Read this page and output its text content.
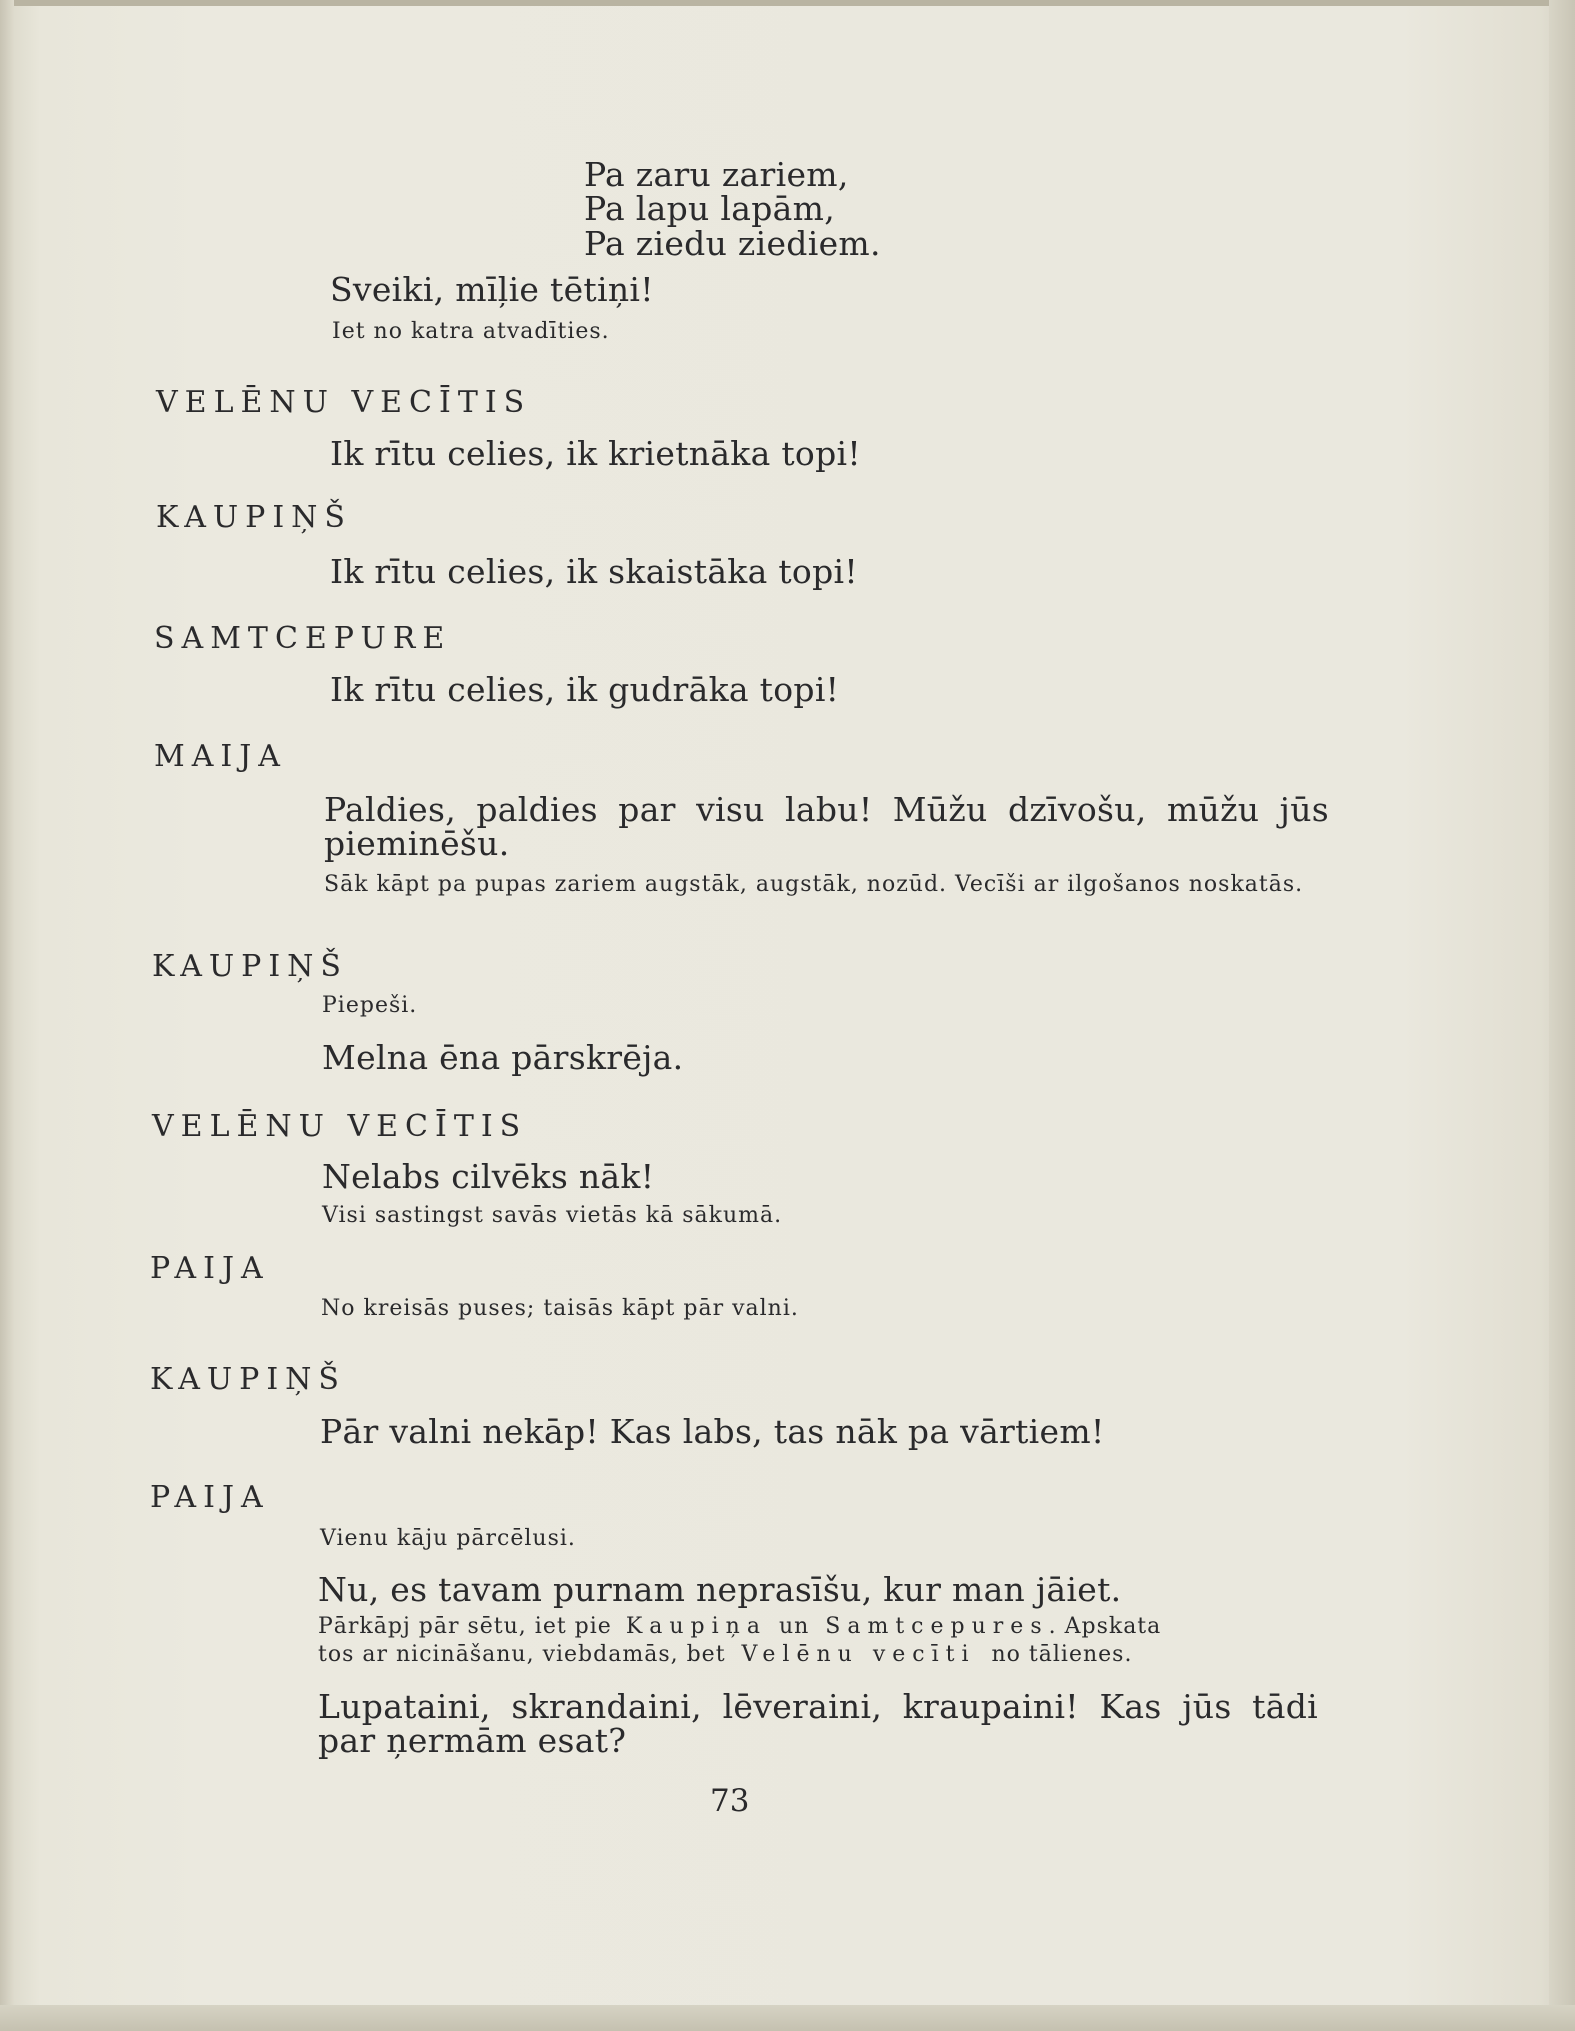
Pa zaru zariem,
Pa lapu lapām,
Pa ziedu ziediem.
Sveiki, mīļie tētiņi!
Iet no katra atvadīties.
VELĒNU VECĪTIS
Ik rītu celies, ik krietnāka topi!
KAUPIŅŠ
Ik rītu celies, ik skaistāka topi!
SAMTCEPURE
Ik rītu celies, ik gudrāka topi!
MAIJA
Paldies, paldies par visu labu! Mūžu dzīvošu, mūžu jūs pieminēšu.
Sāk kāpt pa pupas zariem augstāk, augstāk, nozūd. Vecīši ar ilgošanos noskatās.
KAUPIŅŠ
Piepeši.
Melna ēna pārskrēja.
VELĒNU VECĪTIS
Nelabs cilvēks nāk!
Visi sastingst savās vietās kā sākumā.
PAIJA
No kreisās puses; taisās kāpt pār valni.
KAUPIŅŠ
Pār valni nekāp! Kas labs, tas nāk pa vārtiem!
PAIJA
Vienu kāju pārcēlusi.
Nu, es tavam purnam neprasīšu, kur man jāiet.
Pārkāpj pār sētu, iet pie Kaupiņa un Samtcepures. Apskata
tos ar nicināšanu, viebdamās, bet Velēnu vecīti no tālienes.
Lupataini, skrandaini, lēveraini, kraupaini! Kas jūs tādi par ņermām esat?
73
